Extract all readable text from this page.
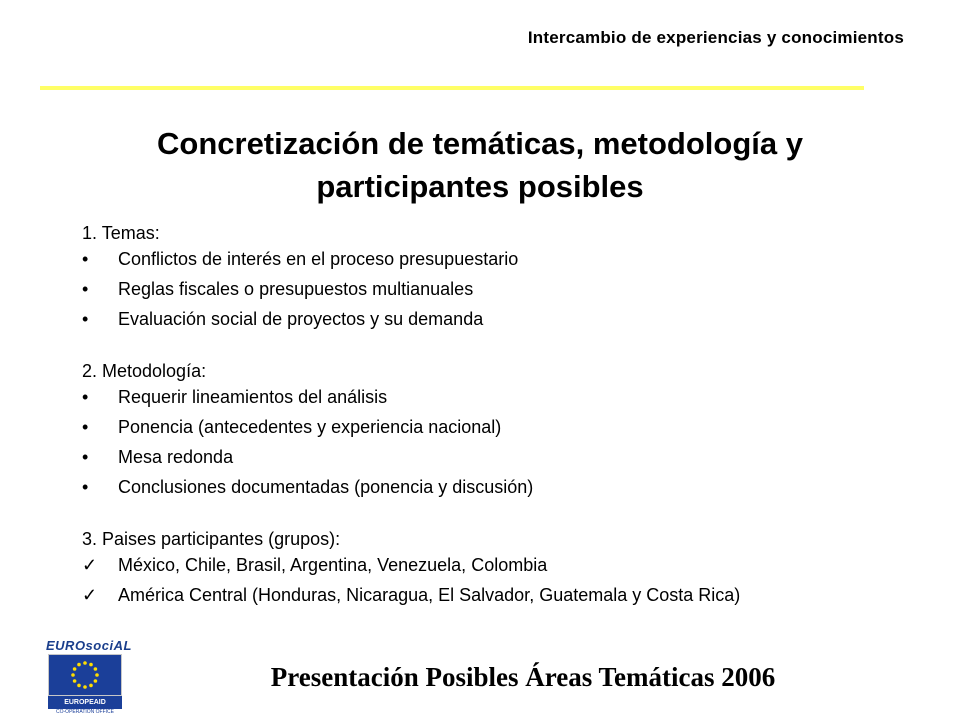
Intercambio de experiencias y conocimientos
Concretización de temáticas, metodología y
participantes posibles
1. Temas:
•	Conflictos de interés en el proceso presupuestario
•	Reglas fiscales o presupuestos multianuales
•	Evaluación social de proyectos y su demanda
2. Metodología:
•	Requerir lineamientos del análisis
•	Ponencia (antecedentes y experiencia nacional)
•	Mesa redonda
•	Conclusiones documentadas (ponencia y discusión)
3. Paises participantes (grupos):
✓	México, Chile, Brasil, Argentina, Venezuela, Colombia
✓	América Central (Honduras, Nicaragua, El Salvador, Guatemala y Costa Rica)
EUROsociAL
EUROPEAID
CO-OPERATION OFFICE
Presentación Posibles Áreas Temáticas 2006
